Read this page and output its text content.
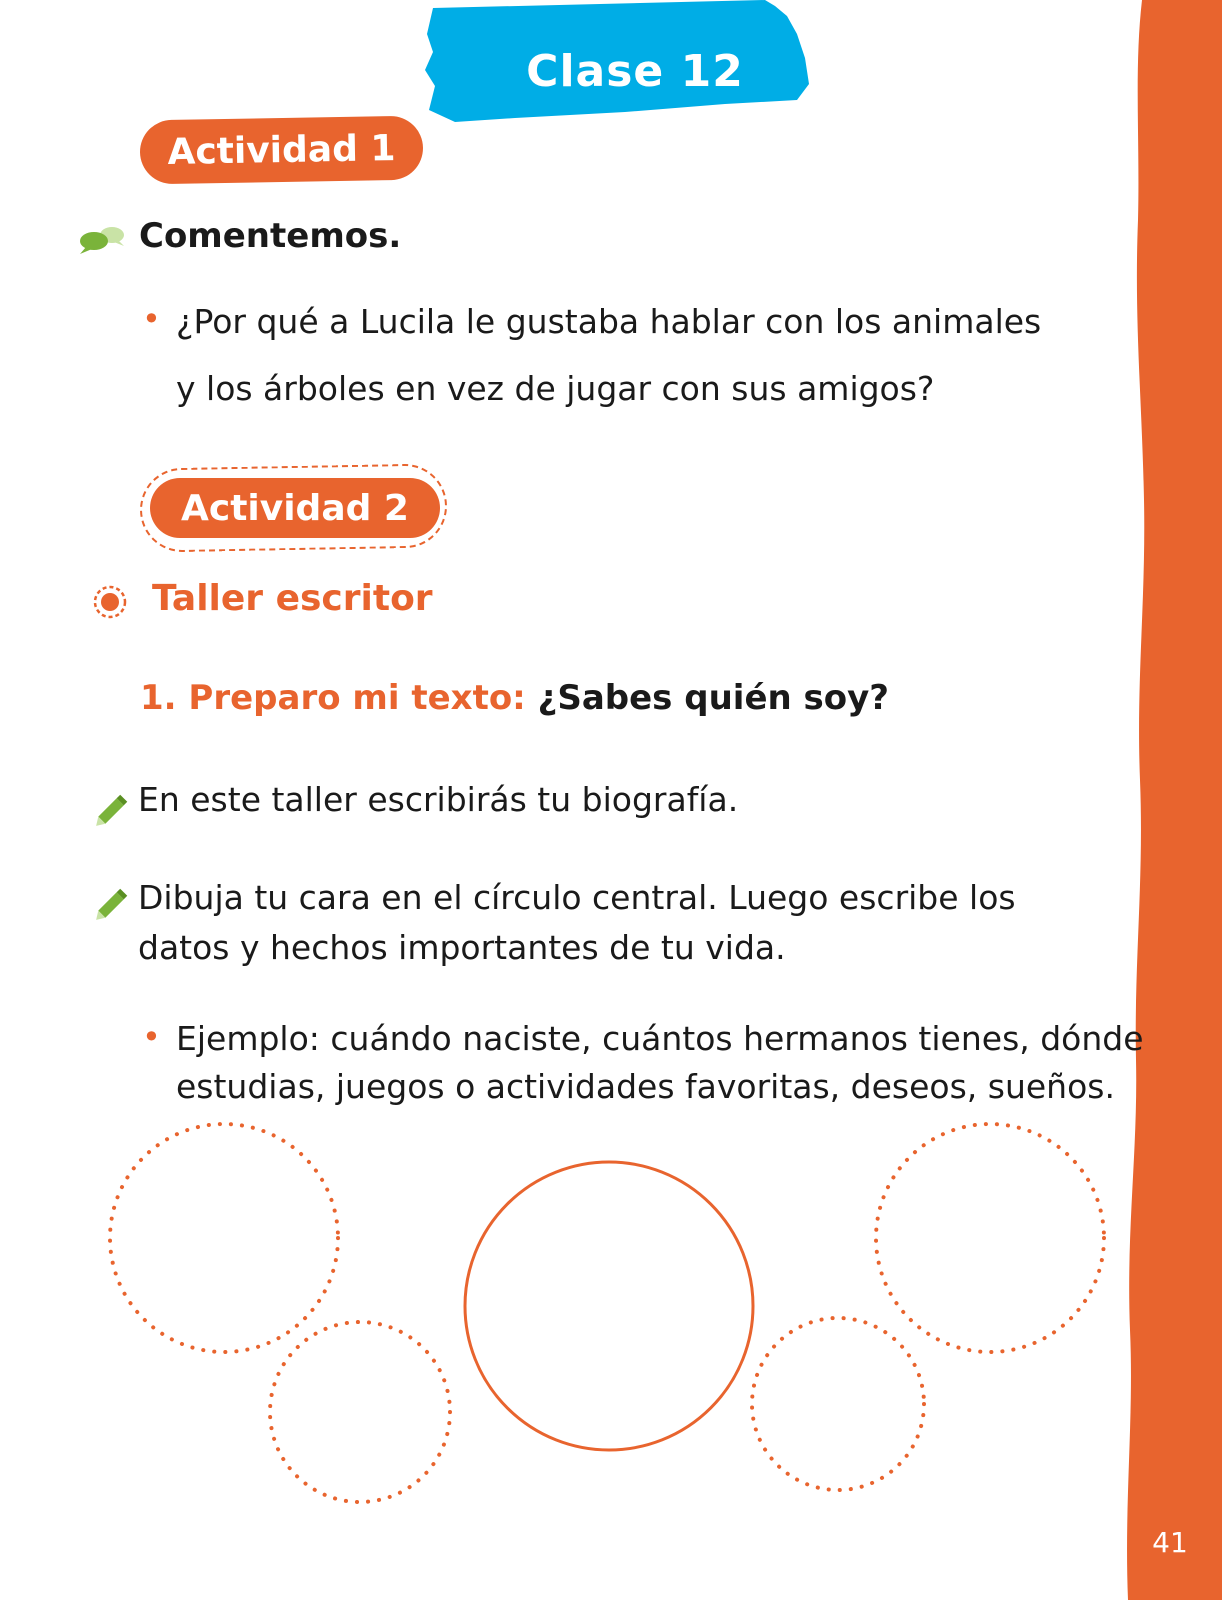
41
Clase 12
Actividad 1
Comentemos.
• ¿Por qué a Lucila le gustaba hablar con los animales
y los árboles en vez de jugar con sus amigos?
Actividad 2
Taller escritor
1. Preparo mi texto: ¿Sabes quién soy?
En este taller escribirás tu biografía.
Dibuja tu cara en el círculo central. Luego escribe los
datos y hechos importantes de tu vida.
• Ejemplo: cuándo naciste, cuántos hermanos tienes, dónde
estudias, juegos o actividades favoritas, deseos, sueños.
